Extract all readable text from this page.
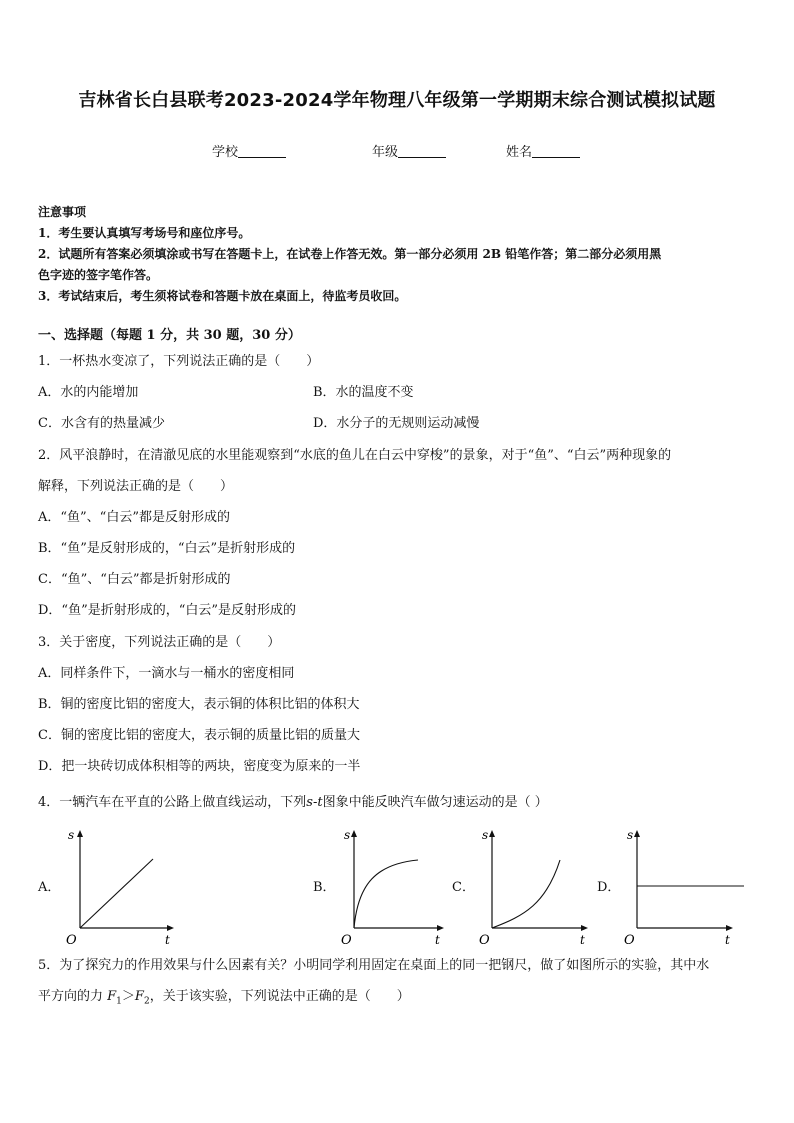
吉林省长白县联考2023-2024学年物理八年级第一学期期末综合测试模拟试题
学校	年级	姓名
注意事项
1．考生要认真填写考场号和座位序号。
2．试题所有答案必须填涂或书写在答题卡上，在试卷上作答无效。第一部分必须用 2B 铅笔作答；第二部分必须用黑
色字迹的签字笔作答。
3．考试结束后，考生须将试卷和答题卡放在桌面上，待监考员收回。
一、选择题（每题 1 分，共 30 题，30 分）
1．一杯热水变凉了，下列说法正确的是（　　）
A．水的内能增加	B．水的温度不变
C．水含有的热量减少	D．水分子的无规则运动减慢
2．风平浪静时，在清澈见底的水里能观察到“水底的鱼儿在白云中穿梭”的景象，对于“鱼”、“白云”两种现象的
解释，下列说法正确的是（　　）
A．“鱼”、“白云”都是反射形成的
B．“鱼”是反射形成的，“白云”是折射形成的
C．“鱼”、“白云”都是折射形成的
D．“鱼”是折射形成的，“白云”是反射形成的
3．关于密度，下列说法正确的是（　　）
A．同样条件下，一滴水与一桶水的密度相同
B．铜的密度比铝的密度大，表示铜的体积比铝的体积大
C．铜的密度比铝的密度大，表示铜的质量比铝的质量大
D．把一块砖切成体积相等的两块，密度变为原来的一半
4．一辆汽车在平直的公路上做直线运动，下列s-t图象中能反映汽车做匀速运动的是（ ）
A．	B．	C．	D．
s
O	t
s
O	t
s
O	t
s
O	t
5．为了探究力的作用效果与什么因素有关？小明同学利用固定在桌面上的同一把钢尺，做了如图所示的实验，其中水
平方向的力 $F_1>F_2$，关于该实验，下列说法中正确的是（　　）
